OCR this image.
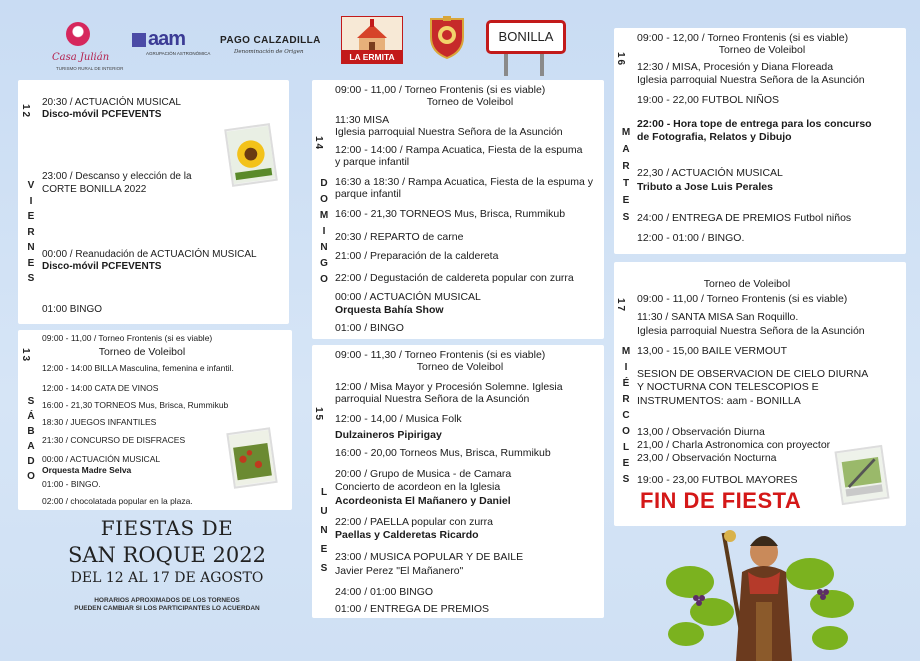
Casa Julián
TURISMO RURAL DE INTERIOR
aam
AGRUPACIÓN ASTRONÓMICA
PAGO CALZADILLA
Denominación de Origen	LA ERMITA
BONILLA
12
V
I
E
R
N
E
S
20:30 / ACTUACIÓN MUSICAL
Disco-móvil PCFEVENTS
23:00 / Descanso y elección de la
CORTE BONILLA 2022
00:00 / Reanudación de ACTUACIÓN MUSICAL
Disco-móvil PCFEVENTS
01:00 BINGO
13
S
Á
B
A
D
O
09:00 - 11,00 / Torneo Frontenis (si es viable)
Torneo de Voleibol
12:00 - 14:00 BILLA Masculina, femenina e infantil.
12:00 - 14:00 CATA DE VINOS
16:00 - 21,30 TORNEOS Mus, Brisca, Rummikub
18:30 / JUEGOS INFANTILES
21:30 / CONCURSO DE DISFRACES
00:00 / ACTUACIÓN MUSICAL
Orquesta Madre Selva
01:00 - BINGO.
02:00 / chocolatada popular en la plaza.
FIESTAS DE
SAN ROQUE 2022
DEL 12 AL 17 DE AGOSTO
HORARIOS APROXIMADOS DE LOS TORNEOS
PUEDEN CAMBIAR SI LOS PARTICIPANTES LO ACUERDAN
14
D
O
M
I
N
G
O
09:00 - 11,00 / Torneo Frontenis (si es viable)
Torneo de Voleibol
11:30 MISA
Iglesia parroquial Nuestra Señora de la Asunción
12:00 - 14:00 / Rampa Acuatica, Fiesta de la espuma
y parque infantil
16:30 a 18:30 / Rampa Acuatica, Fiesta de la espuma y
parque infantil
16:00 - 21,30 TORNEOS Mus, Brisca, Rummikub
20:30 / REPARTO de carne
21:00 / Preparación de la caldereta
22:00 / Degustación de caldereta popular con zurra
00:00 / ACTUACIÓN MUSICAL
Orquesta Bahía Show
01:00 / BINGO
15
L
U
N
E
S
09:00 - 11,30 / Torneo Frontenis (si es viable)
Torneo de Voleibol
12:00 / Misa Mayor y Procesión Solemne. Iglesia
parroquial Nuestra Señora de la Asunción
12:00 - 14,00 / Musica Folk
Dulzaineros Pipirigay
16:00 - 20,00 Torneos Mus, Brisca, Rummikub
20:00 / Grupo de Musica - de Camara
Concierto de acordeon en la Iglesia
Acordeonista El Mañanero y Daniel
22:00 / PAELLA popular con zurra
Paellas y Calderetas Ricardo
23:00 / MUSICA POPULAR Y DE BAILE
Javier Perez "El Mañanero"
24:00 / 01:00 BINGO
01:00 / ENTREGA DE PREMIOS
16
M
A
R
T
E
S
09:00 - 12,00 / Torneo Frontenis (si es viable)
Torneo de Voleibol
12:30 / MISA, Procesión y Diana Floreada
Iglesia parroquial Nuestra Señora de la Asunción
19:00 - 22,00 FUTBOL NIÑOS
22:00 - Hora tope de entrega para los concurso
de Fotografia, Relatos y Dibujo
22,30 / ACTUACIÓN MUSICAL
Tributo a Jose Luis Perales
24:00 / ENTREGA DE PREMIOS Futbol niños
12:00 - 01:00 / BINGO.
17
M
I
É
R
C
O
L
E
S
Torneo de Voleibol
09:00 - 11,00 / Torneo Frontenis (si es viable)
11:30 / SANTA MISA San Roquillo.
Iglesia parroquial Nuestra Señora de la Asunción
13,00 - 15,00 BAILE VERMOUT
SESION DE OBSERVACION DE CIELO DIURNA
Y NOCTURNA CON TELESCOPIOS E
INSTRUMENTOS: aam - BONILLA
13,00 / Observación Diurna
21,00 / Charla Astronomica con proyector
23,00 / Observación Nocturna
19:00 - 23,00 FUTBOL MAYORES
FIN DE FIESTA
